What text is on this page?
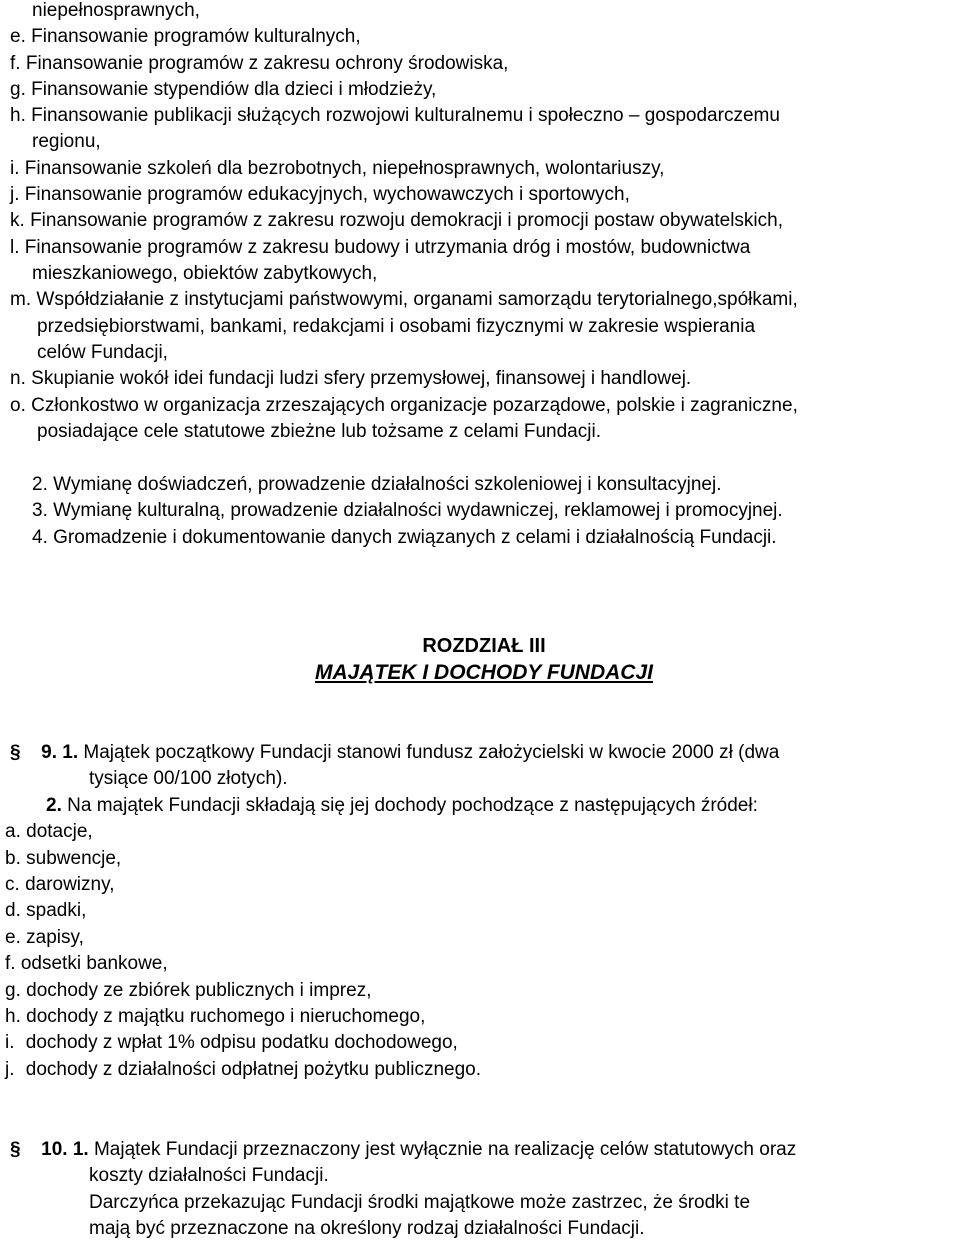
niepełnosprawnych,
e. Finansowanie programów kulturalnych,
f. Finansowanie programów z zakresu ochrony środowiska,
g. Finansowanie stypendiów dla dzieci i młodzieży,
h. Finansowanie publikacji służących rozwojowi kulturalnemu i społeczno – gospodarczemu
regionu,
i. Finansowanie szkoleń dla bezrobotnych, niepełnosprawnych, wolontariuszy,
j. Finansowanie programów edukacyjnych, wychowawczych i sportowych,
k. Finansowanie programów z zakresu rozwoju demokracji i promocji postaw obywatelskich,
l. Finansowanie programów z zakresu budowy i utrzymania dróg i mostów, budownictwa
mieszkaniowego, obiektów zabytkowych,
m. Współdziałanie z instytucjami państwowymi, organami samorządu terytorialnego,spółkami,
przedsiębiorstwami, bankami, redakcjami i osobami fizycznymi w zakresie wspierania
celów Fundacji,
n. Skupianie wokół idei fundacji ludzi sfery przemysłowej, finansowej i handlowej.
o. Członkostwo w organizacja zrzeszających organizacje pozarządowe, polskie i zagraniczne,
posiadające cele statutowe zbieżne lub tożsame z celami Fundacji.
2. Wymianę doświadczeń, prowadzenie działalności szkoleniowej i konsultacyjnej.
3. Wymianę kulturalną, prowadzenie działalności wydawniczej, reklamowej i promocyjnej.
4. Gromadzenie i dokumentowanie danych związanych z celami i działalnością Fundacji.
ROZDZIAŁ III
MAJĄTEK I DOCHODY FUNDACJI
§ 9. 1. Majątek początkowy Fundacji stanowi fundusz założycielski w kwocie 2000 zł (dwa
tysiące 00/100 złotych).
2. Na majątek Fundacji składają się jej dochody pochodzące z następujących źródeł:
a. dotacje,
b. subwencje,
c. darowizny,
d. spadki,
e. zapisy,
f. odsetki bankowe,
g. dochody ze zbiórek publicznych i imprez,
h. dochody z majątku ruchomego i nieruchomego,
i. dochody z wpłat 1% odpisu podatku dochodowego,
j. dochody z działalności odpłatnej pożytku publicznego.
§ 10. 1. Majątek Fundacji przeznaczony jest wyłącznie na realizację celów statutowych oraz
koszty działalności Fundacji.
Darczyńca przekazując Fundacji środki majątkowe może zastrzec, że środki te
mają być przeznaczone na określony rodzaj działalności Fundacji.
